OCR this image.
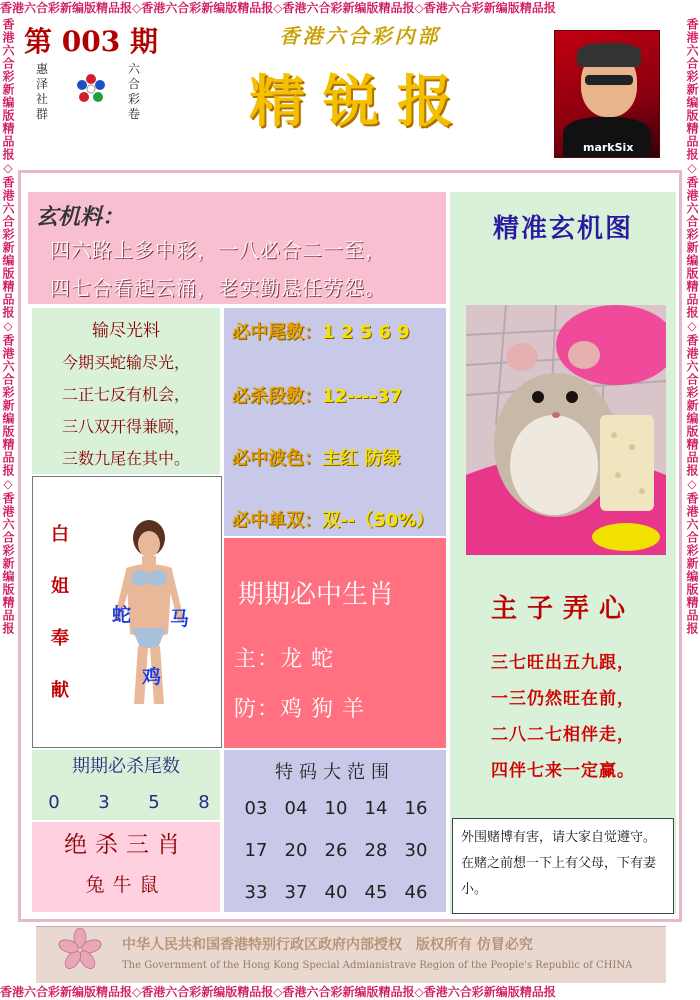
香港六合彩新编版精品报◇香港六合彩新编版精品报◇香港六合彩新编版精品报◇香港六合彩新编版精品报
香港六合彩新编版精品报◇香港六合彩新编版精品报◇香港六合彩新编版精品报◇香港六合彩新编版精品报
香港六合彩新编版精品报◇香港六合彩新编版精品报◇香港六合彩新编版精品报◇香港六合彩新编版精品报	香港六合彩新编版精品报◇香港六合彩新编版精品报◇香港六合彩新编版精品报◇香港六合彩新编版精品报
第 003 期
惠泽社群
六合彩卷
香港六合彩内部
精锐报
markSix
玄机料：
四六路上多中彩，一八必合二一至，
四七合看起云涌，老实勤恳任劳怨。
输尽光料
今期买蛇输尽光，
二正七反有机会，
三八双开得兼顾，
三数九尾在其中。
必中尾数：1 2 5 6 9
必杀段数：12----37
必中波色：主红 防绿
必中单双：双--（50%）
白
姐
奉
献
蛇 马
鸡
期期必中生肖
主：龙 蛇
防：鸡 狗 羊
期期必杀尾数
0 3 5 8
绝杀三肖
兔牛鼠
特码大范围
03 04 10 14 16
17 20 26 28 30
33 37 40 45 46
精准玄机图
主子弄心
三七旺出五九跟，
一三仍然旺在前，
二八二七相伴走，
四伴七来一定赢。
外围赌博有害，请大家自觉遵守。在赌之前想一下上有父母，下有妻小。
中华人民共和国香港特别行政区政府内部授权　版权所有 仿冒必究
The Government of the Hong Kong Special Admianistrave Region of the People's Republic of CHINA
